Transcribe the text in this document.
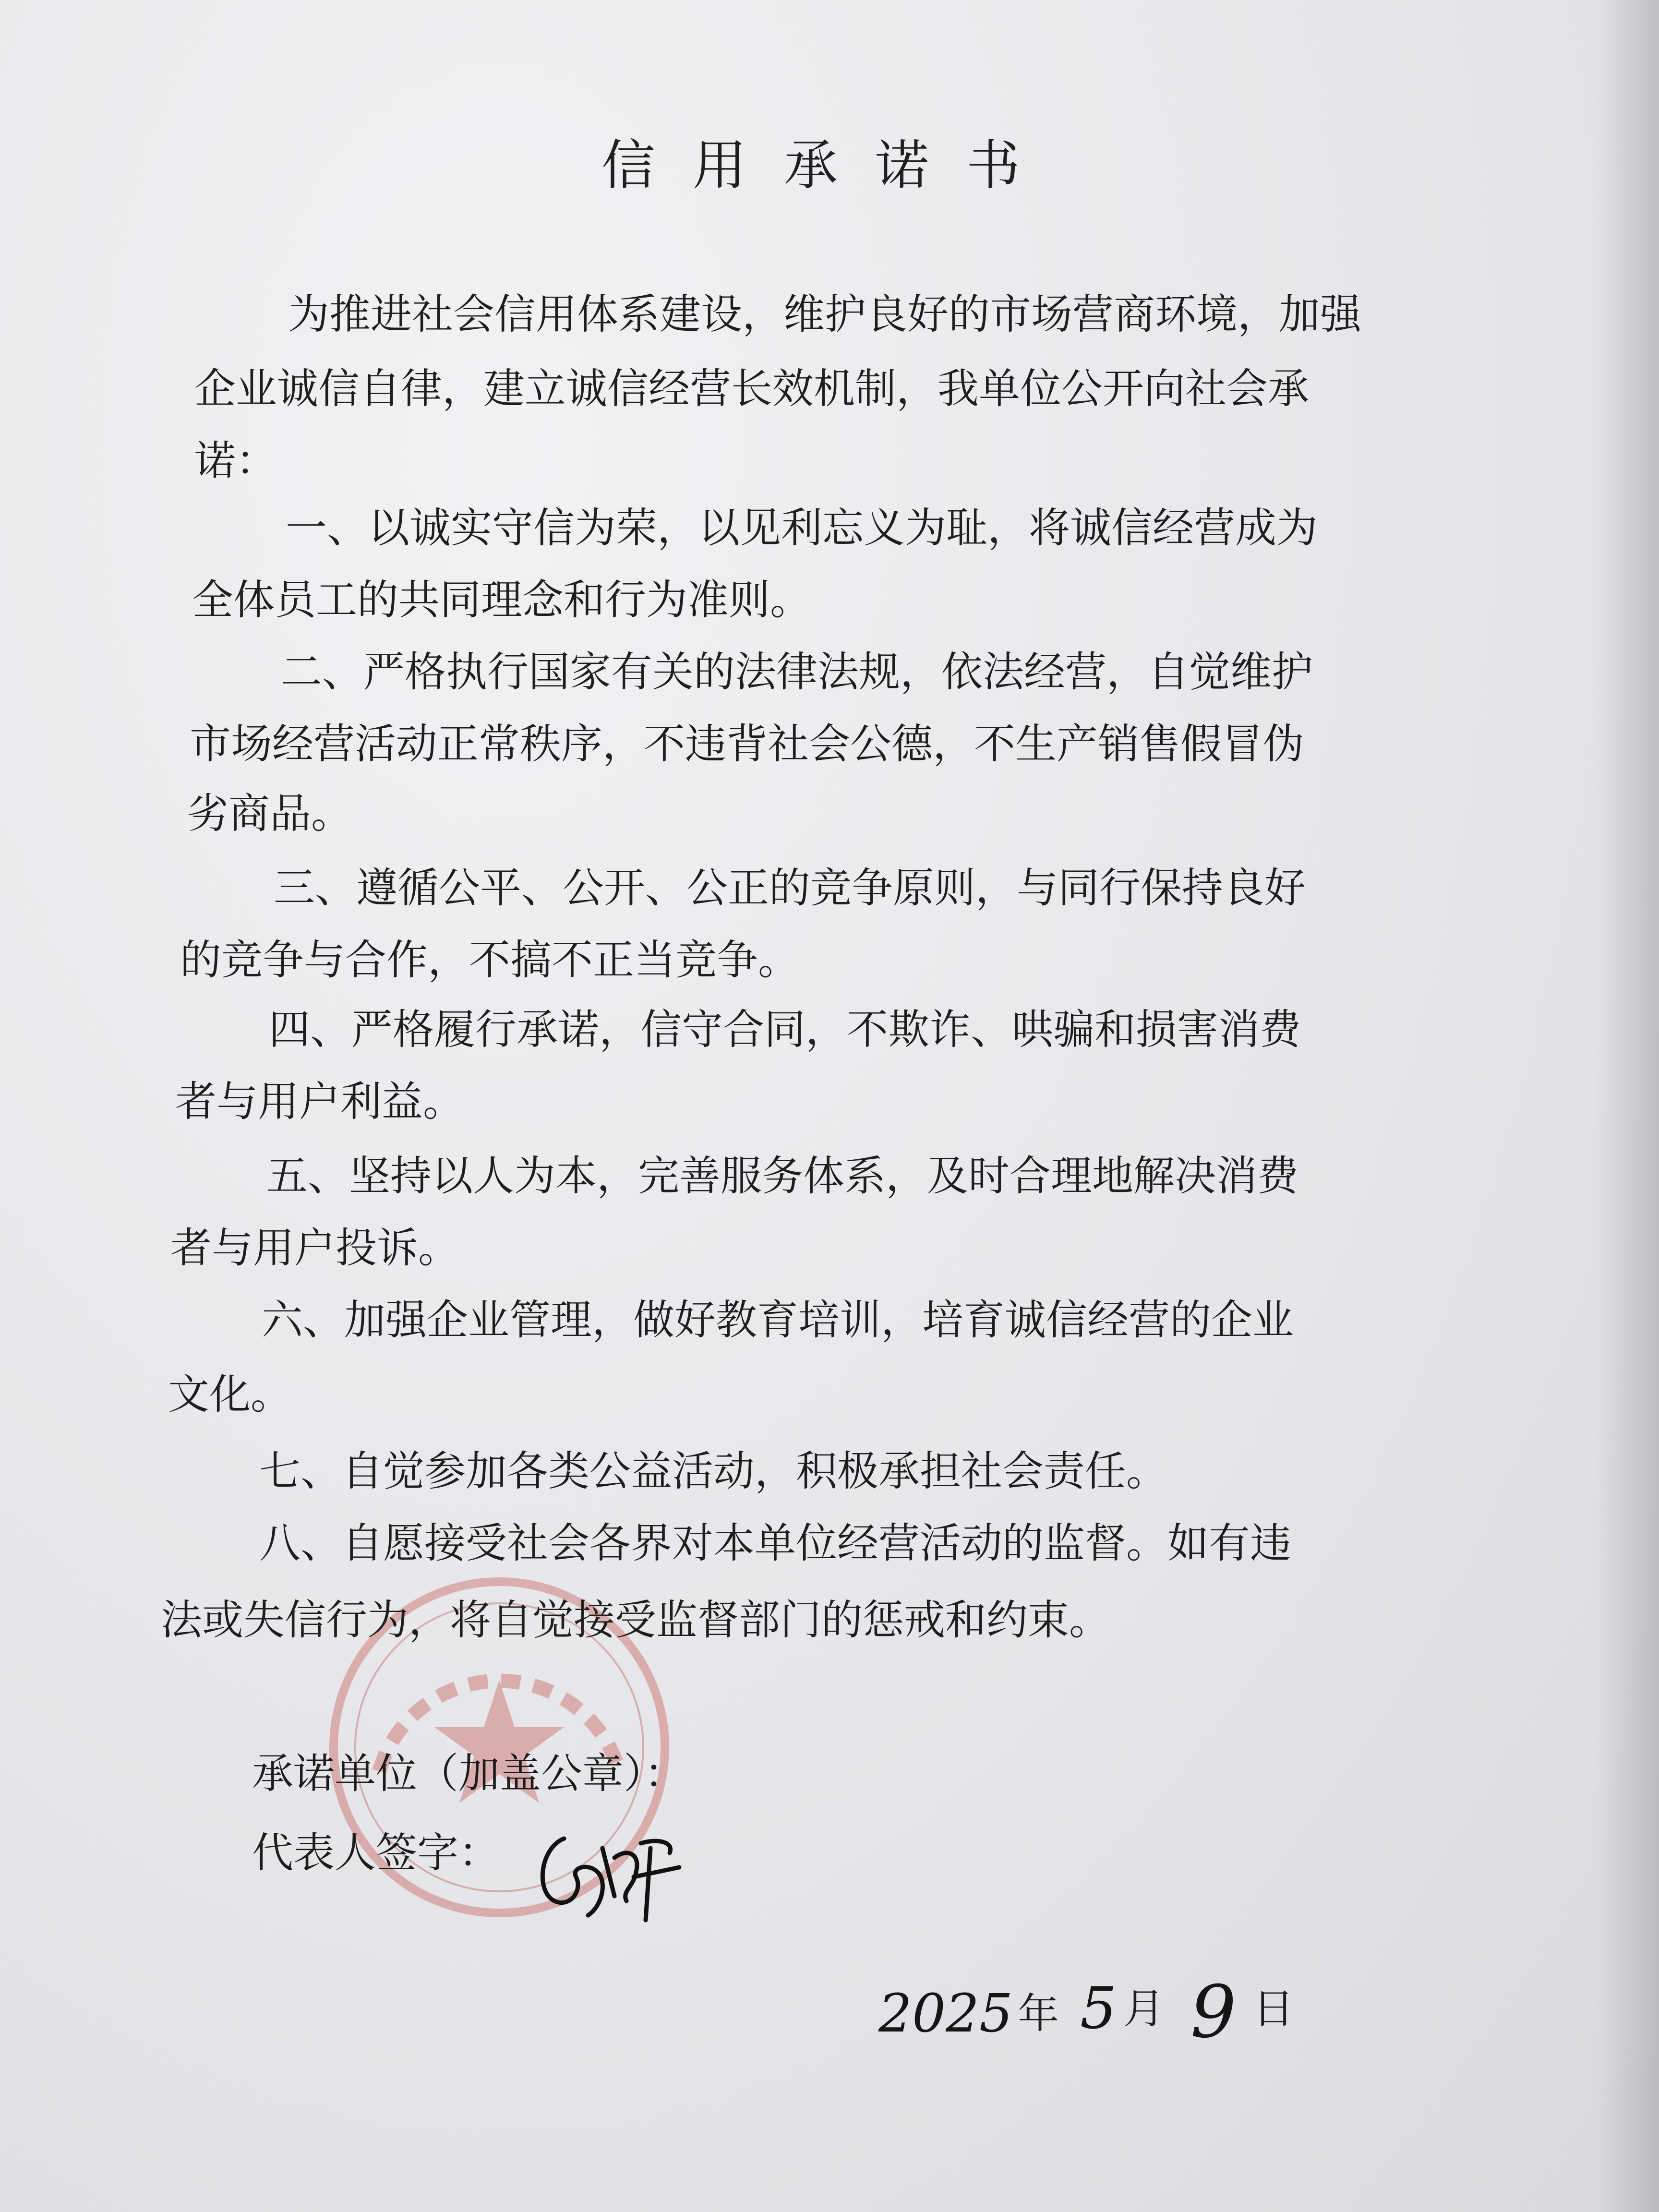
信用承诺书
为推进社会信用体系建设，维护良好的市场营商环境，加强
企业诚信自律，建立诚信经营长效机制，我单位公开向社会承
诺：
一、以诚实守信为荣，以见利忘义为耻，将诚信经营成为
全体员工的共同理念和行为准则。
二、严格执行国家有关的法律法规，依法经营，自觉维护
市场经营活动正常秩序，不违背社会公德，不生产销售假冒伪
劣商品。
三、遵循公平、公开、公正的竞争原则，与同行保持良好
的竞争与合作，不搞不正当竞争。
四、严格履行承诺，信守合同，不欺诈、哄骗和损害消费
者与用户利益。
五、坚持以人为本，完善服务体系，及时合理地解决消费
者与用户投诉。
六、加强企业管理，做好教育培训，培育诚信经营的企业
文化。
七、自觉参加各类公益活动，积极承担社会责任。
八、自愿接受社会各界对本单位经营活动的监督。如有违
法或失信行为，将自觉接受监督部门的惩戒和约束。
承诺单位（加盖公章）：
代表人签字：
2025 年 5 月 9 日
